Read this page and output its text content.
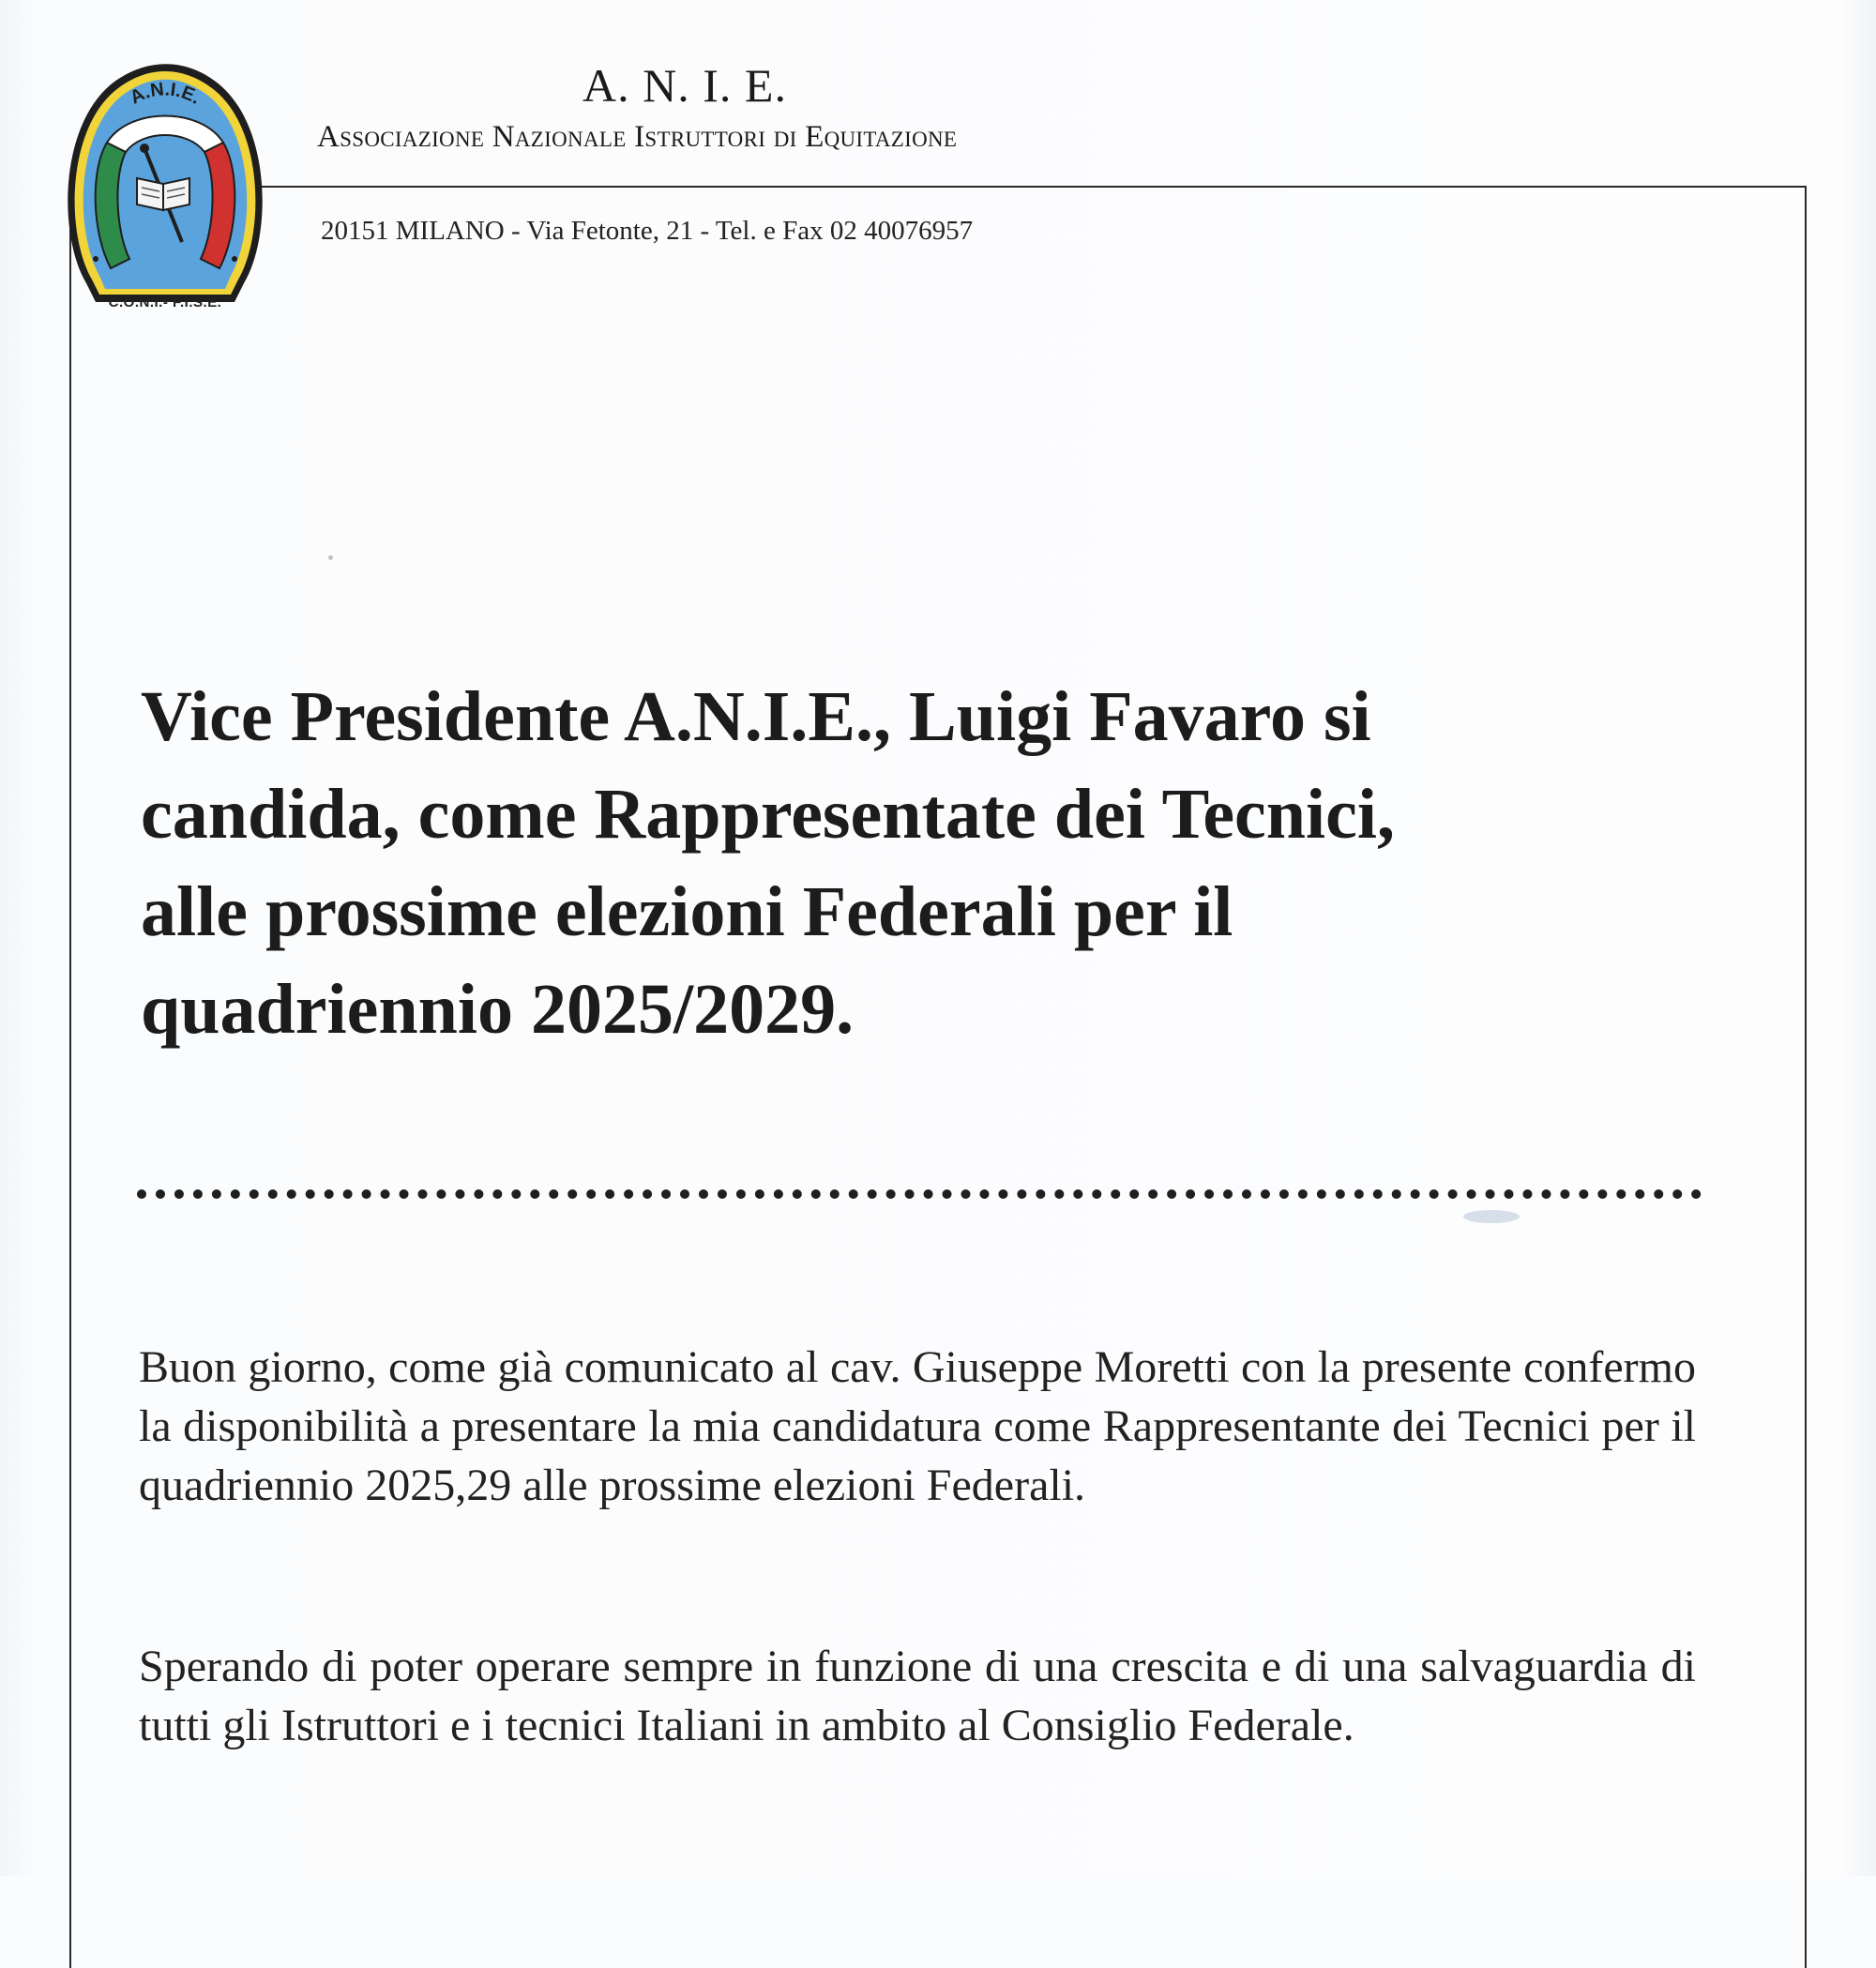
A.N.I.E.
C.O.N.I.- F.I.S.E.
A. N. I. E.
Associazione Nazionale Istruttori di Equitazione
20151 MILANO - Via Fetonte, 21 - Tel. e Fax 02 40076957
Vice Presidente A.N.I.E., Luigi Favaro si
candida, come Rappresentate dei Tecnici,
alle prossime elezioni Federali per il
quadriennio 2025/2029.

Buon giorno, come già comunicato al cav. Giuseppe Moretti con la presente confermo la disponibilità a presentare la mia candidatura come Rappresentante dei Tecnici per il quadriennio 2025,29 alle prossime elezioni Federali.

Sperando di poter operare sempre in funzione di una crescita e di una salvaguardia di tutti gli Istruttori e i tecnici Italiani in ambito al Consiglio Federale.
